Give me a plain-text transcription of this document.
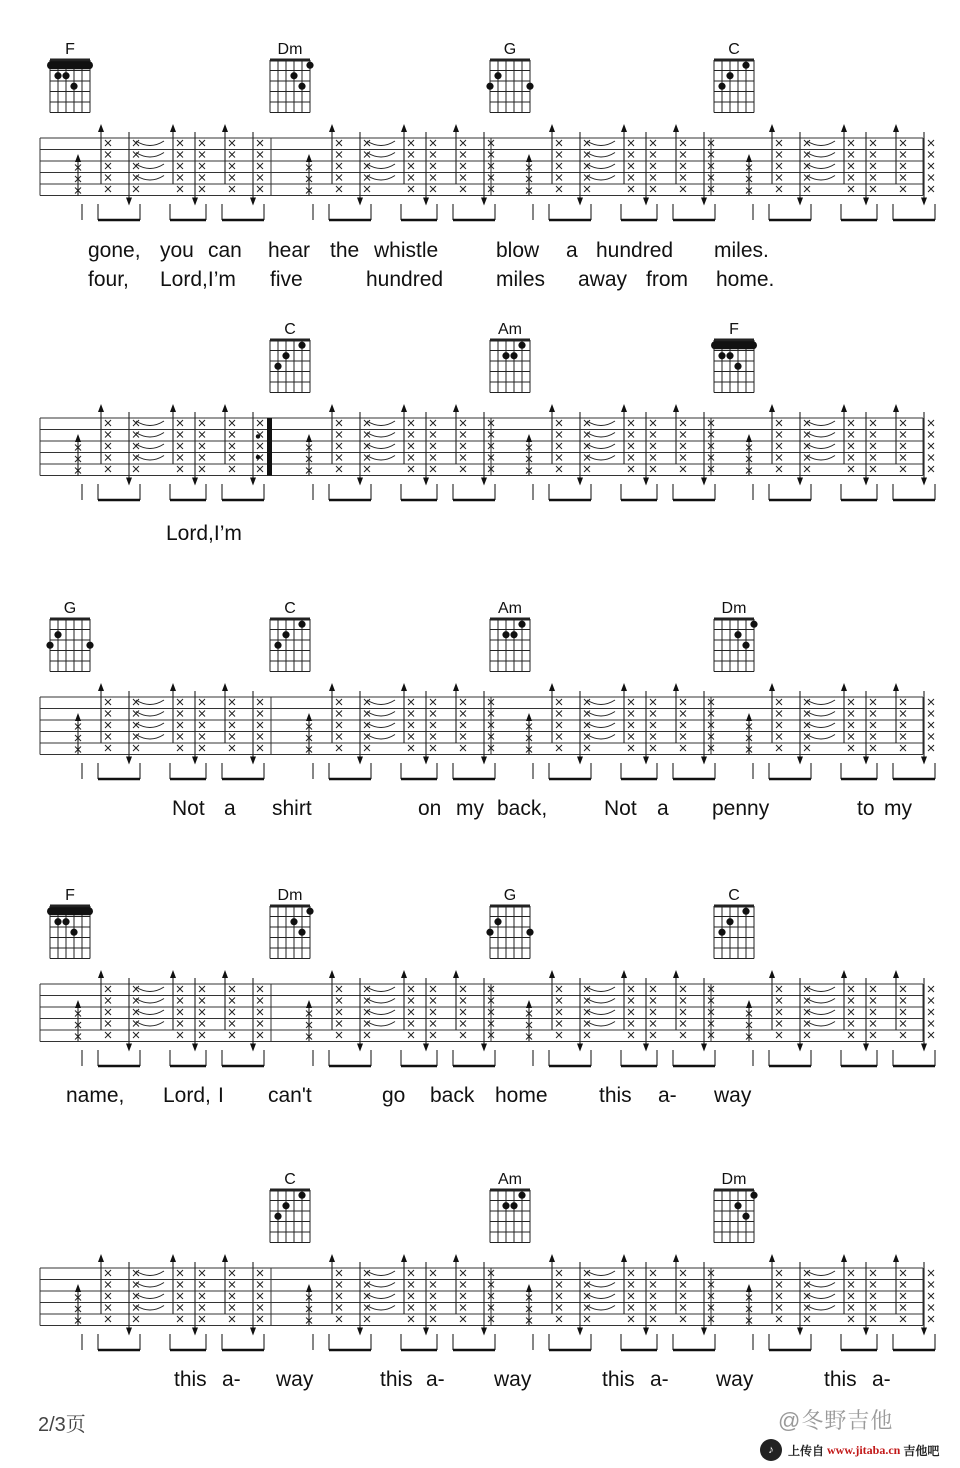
F	Dm	G	C
gone, you can hear the whistle	blow a hundred miles.
four, Lord,I’m five	hundred	miles away from home.
C	Am	F
Lord,I’m
G	C	Am	Dm
Not a shirt	on my back,	Not a penny	to my
F	Dm	G	C
name, Lord, I can't	go back home this a- way
C	Am	Dm
this a- way	this a- way	this a- way	this a-
2/3页	@冬野吉他
♪	上传自 www.jitaba.cn 吉他吧
